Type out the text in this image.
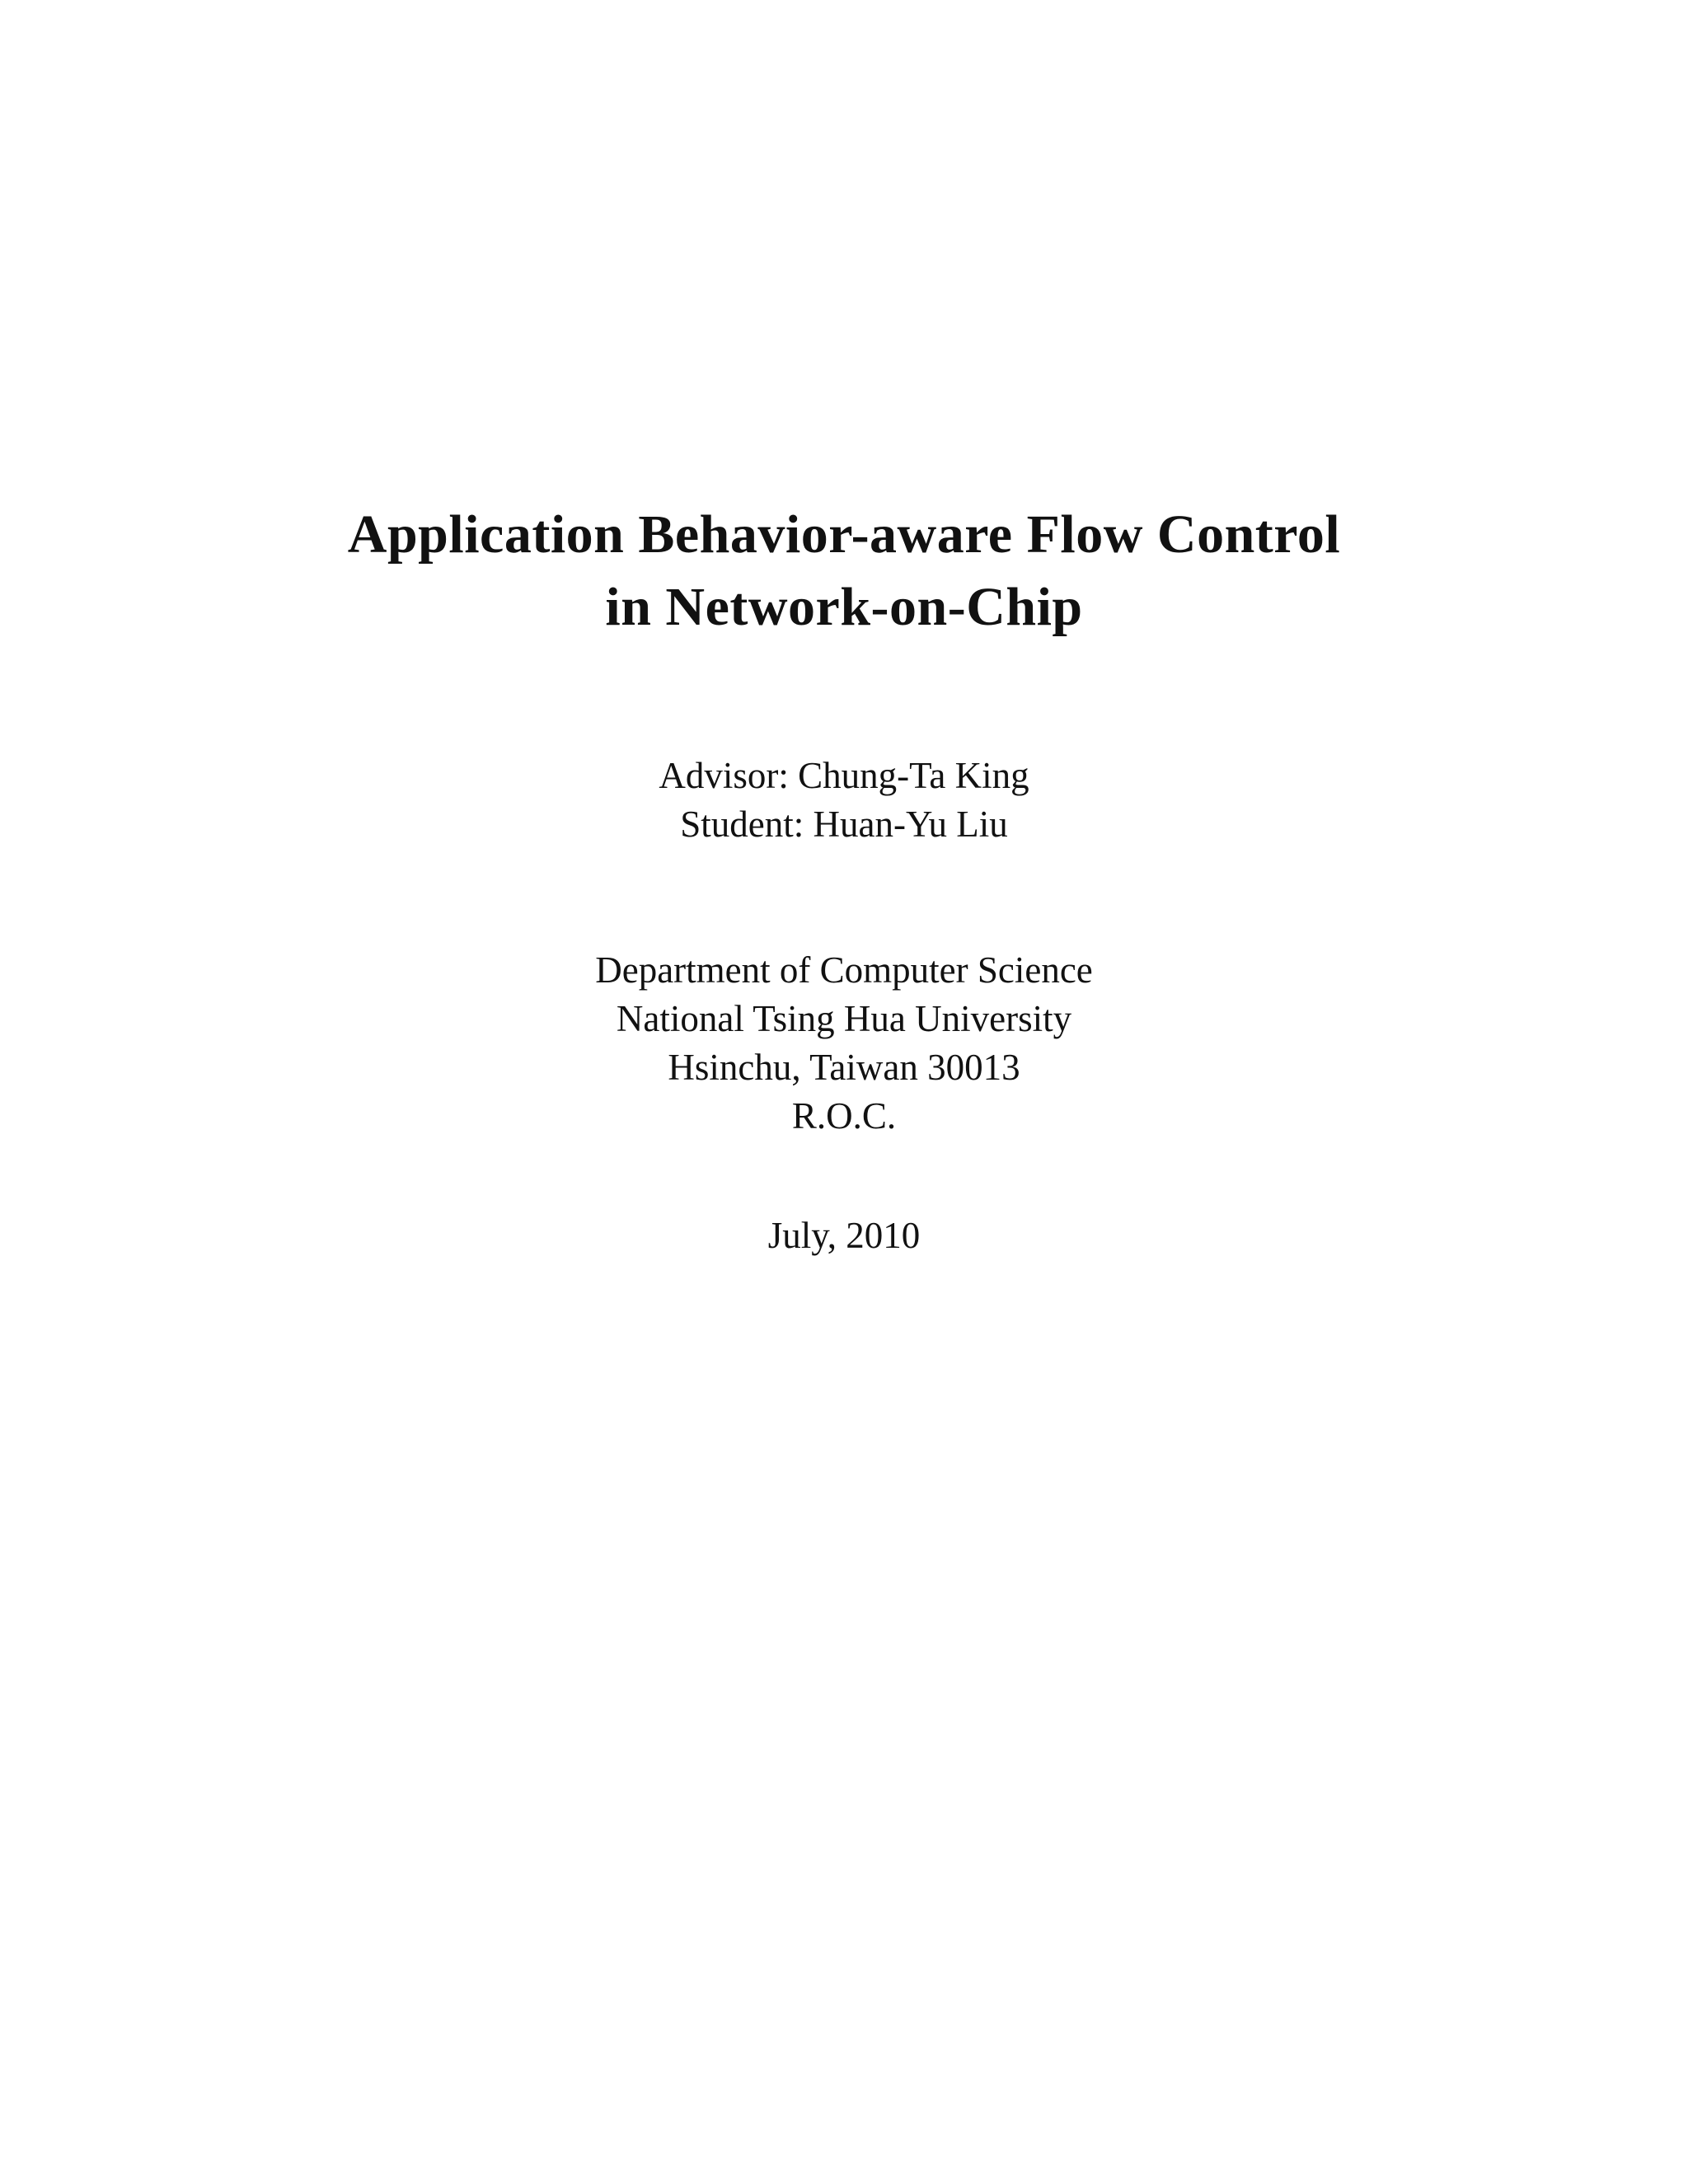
Application Behavior-aware Flow Control
in Network-on-Chip
Advisor: Chung-Ta King
Student: Huan-Yu Liu
Department of Computer Science
National Tsing Hua University
Hsinchu, Taiwan 30013
R.O.C.
July, 2010
